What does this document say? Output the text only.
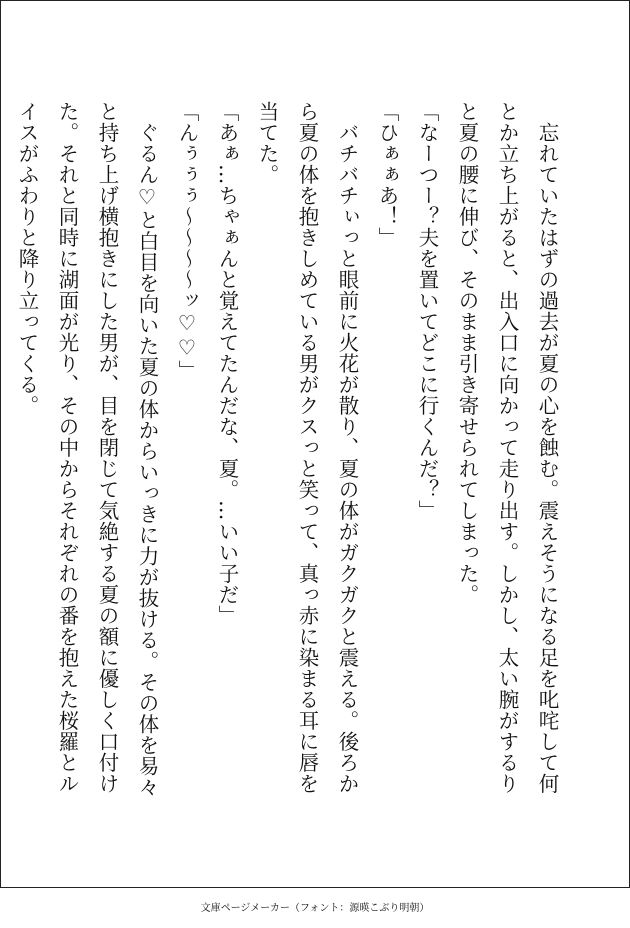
忘れていたはずの過去が夏の心を蝕む。震えそうになる足を叱咤して何とか立ち上がると、出入口に向かって走り出す。しかし、太い腕がするりと夏の腰に伸び、そのまま引き寄せられてしまった。

「なーつー？夫を置いてどこに行くんだ？」

「ひぁぁあ！」

バチバチぃっと眼前に火花が散り、夏の体がガクガクと震える。後ろから夏の体を抱きしめている男がクスっと笑って、真っ赤に染まる耳に唇を当てた。

「あぁ…ちゃぁんと覚えてたんだな、夏。…いい子だ」

「んぅぅぅ〜〜〜〜ッ♡♡」

ぐるん♡と白目を向いた夏の体からいっきに力が抜ける。その体を易々と持ち上げ横抱きにした男が、目を閉じて気絶する夏の額に優しく口付けた。それと同時に湖面が光り、その中からそれぞれの番を抱えた桜羅とルイスがふわりと降り立ってくる。

文庫ページメーカー（フォント：源暎こぶり明朝）
